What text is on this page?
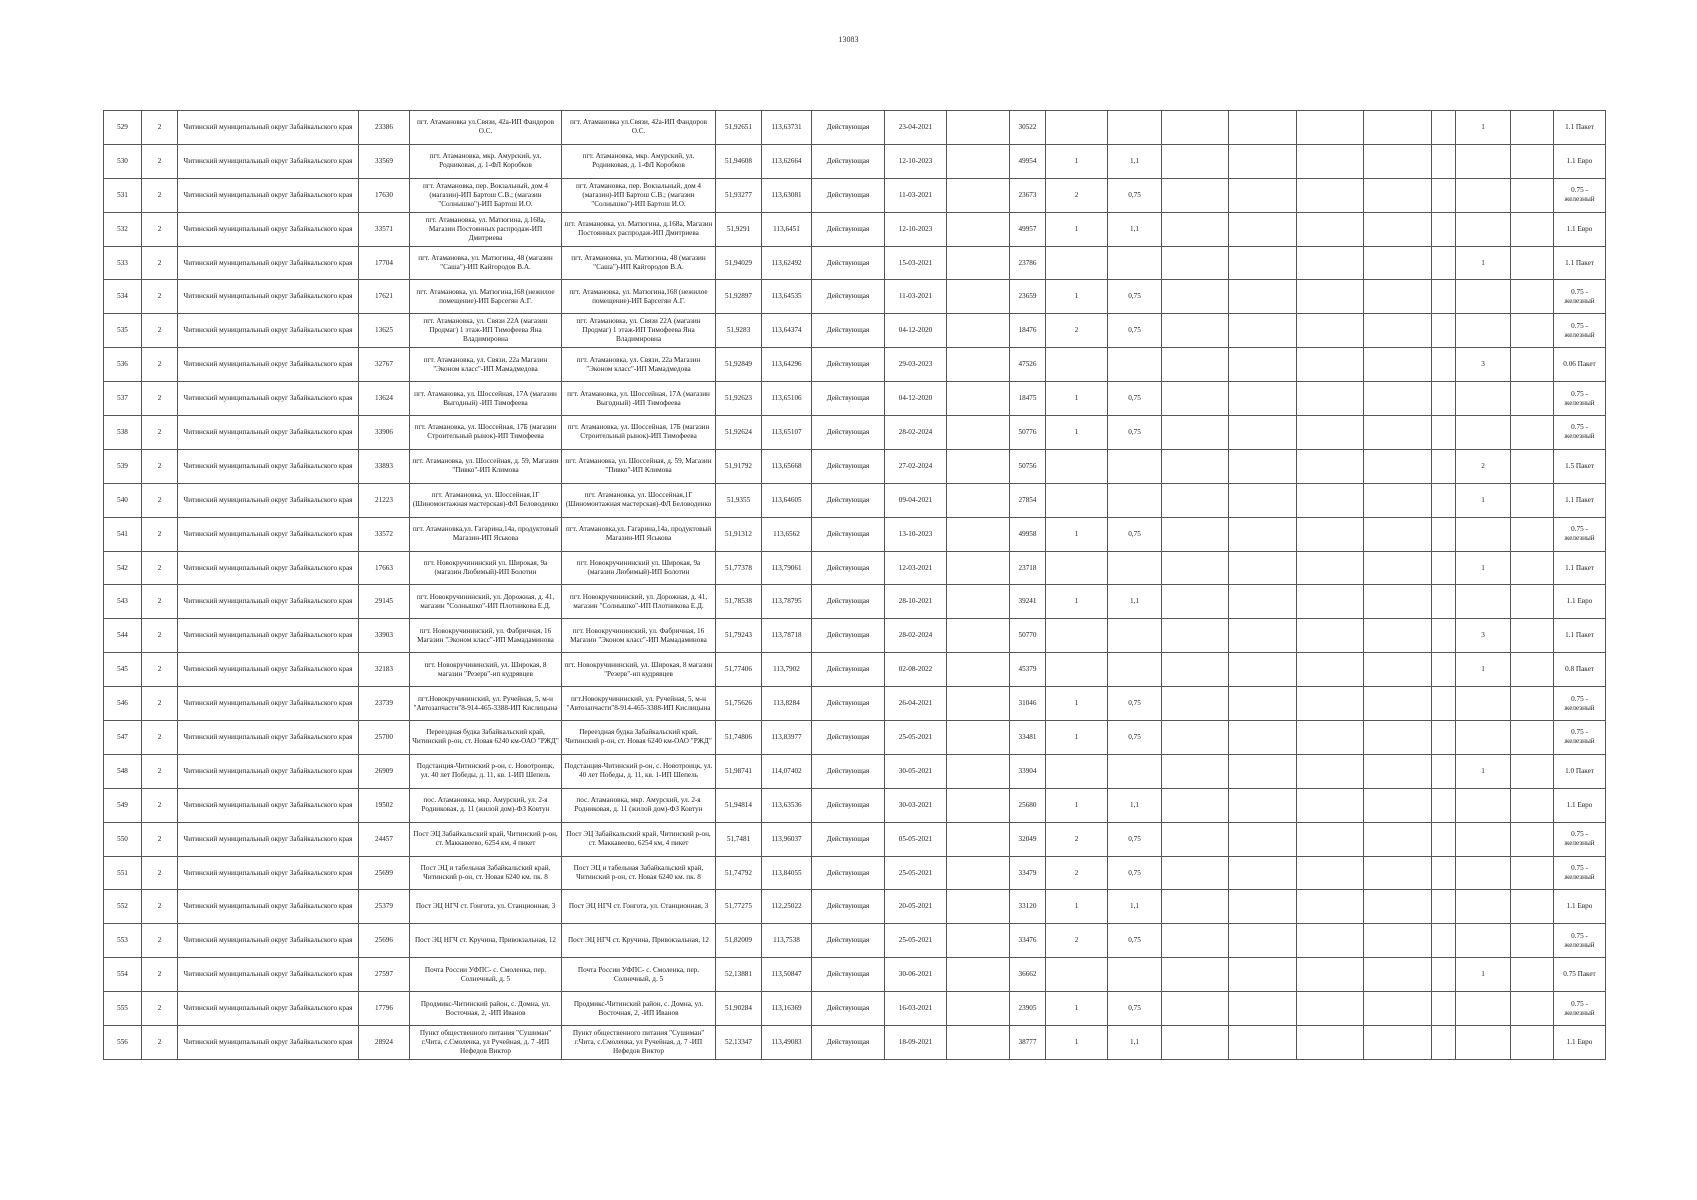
13083
529	2	Читинский муниципальный округ Забайкальского края	23386	пгт. Атамановка ул.Связи, 42а-ИП Фандоров О.С.	пгт. Атамановка ул.Связи, 42а-ИП Фандоров О.С.	51,92651	113,63731	Действующая	23-04-2021		30522								1		1.1 Пакет
530	2	Читинский муниципальный округ Забайкальского края	33569	пгт. Атамановка, мкр. Амурский, ул. Родниковая, д. 1-ФЛ Коробков	пгт. Атамановка, мкр. Амурский, ул. Родниковая, д. 1-ФЛ Коробков	51,94608	113,62664	Действующая	12-10-2023		49954	1	1,1								1.1 Евро
531	2	Читинский муниципальный округ Забайкальского края	17630	пгт. Атамановка, пер. Вокзальный, дом 4 (магазин)-ИП Бартош С.В.; (магазин "Солнышко")-ИП Бартош И.О.	пгт. Атамановка, пер. Вокзальный, дом 4 (магазин)-ИП Бартош С.В.; (магазин "Солнышко")-ИП Бартош И.О.	51,93277	113,63081	Действующая	11-03-2021		23673	2	0,75								0.75 - железный
532	2	Читинский муниципальный округ Забайкальского края	33571	пгт. Атамановка, ул. Матюгина, д.168а, Магазин Постоянных распродаж-ИП Дмитриева	пгт. Атамановка, ул. Матюгина, д.168а, Магазин Постоянных распродаж-ИП Дмитриева	51,9291	113,6451	Действующая	12-10-2023		49957	1	1,1								1.1 Евро
533	2	Читинский муниципальный округ Забайкальского края	17704	пгт. Атамановка, ул. Матюгина, 48 (магазин "Саша")-ИП Кайгородов В.А.	пгт. Атамановка, ул. Матюгина, 48 (магазин "Саша")-ИП Кайгородов В.А.	51,94029	113,62492	Действующая	15-03-2021		23786								1		1.1 Пакет
534	2	Читинский муниципальный округ Забайкальского края	17621	пгт. Атамановка, ул. Матюгина,168 (нежилое помещение)-ИП Барсегян А.Г.	пгт. Атамановка, ул. Матюгина,168 (нежилое помещение)-ИП Барсегян А.Г.	51,92897	113,64535	Действующая	11-03-2021		23659	1	0,75								0.75 - железный
535	2	Читинский муниципальный округ Забайкальского края	13625	пгт. Атамановка, ул. Связи 22А (магазин Продмаг) 1 этаж-ИП Тимофеева Яна Владимировна	пгт. Атамановка, ул. Связи 22А (магазин Продмаг) 1 этаж-ИП Тимофеева Яна Владимировна	51,9283	113,64374	Действующая	04-12-2020		18476	2	0,75								0.75 - железный
536	2	Читинский муниципальный округ Забайкальского края	32767	пгт. Атамановка, ул. Связи, 22а Магазин "Эконом класс"-ИП Мамадмедова	пгт. Атамановка, ул. Связи, 22а Магазин "Эконом класс"-ИП Мамадмедова	51,92849	113,64296	Действующая	29-03-2023		47526								3		0.06 Пакет
537	2	Читинский муниципальный округ Забайкальского края	13624	пгт. Атамановка, ул. Шоссейная, 17А (магазин Выгодный) -ИП Тимофеева	пгт. Атамановка, ул. Шоссейная, 17А (магазин Выгодный) -ИП Тимофеева	51,92623	113,65106	Действующая	04-12-2020		18475	1	0,75								0.75 - железный
538	2	Читинский муниципальный округ Забайкальского края	33906	пгт. Атамановка, ул. Шоссейная, 17Б (магазин Строительный рынок)-ИП Тимофеева	пгт. Атамановка, ул. Шоссейная, 17Б (магазин Строительный рынок)-ИП Тимофеева	51,92624	113,65107	Действующая	28-02-2024		50776	1	0,75								0.75 - железный
539	2	Читинский муниципальный округ Забайкальского края	33893	пгт. Атамановка, ул. Шоссейная, д. 59, Магазин "Пивко"-ИП Климова	пгт. Атамановка, ул. Шоссейная, д. 59, Магазин "Пивко"-ИП Климова	51,91792	113,65668	Действующая	27-02-2024		50756								2		1.5 Пакет
540	2	Читинский муниципальный округ Забайкальского края	21223	пгт. Атамановка, ул. Шоссейная,1Г (Шиномонтажная мастерская)-ФЛ Беловоденко	пгт. Атамановка, ул. Шоссейная,1Г (Шиномонтажная мастерская)-ФЛ Беловоденко	51,9355	113,64605	Действующая	09-04-2021		27854								1		1.1 Пакет
541	2	Читинский муниципальный округ Забайкальского края	33572	пгт. Атамановка,ул. Гагарина,14а, продуктовый Магазин-ИП Яськова	пгт. Атамановка,ул. Гагарина,14а, продуктовый Магазин-ИП Яськова	51,91312	113,6562	Действующая	13-10-2023		49958	1	0,75								0.75 - железный
542	2	Читинский муниципальный округ Забайкальского края	17663	пгт. Новокручининский ул. Широкая, 9а (магазин Любимый)-ИП Болотин	пгт. Новокручининский ул. Широкая, 9а (магазин Любимый)-ИП Болотин	51,77378	113,79061	Действующая	12-03-2021		23718								1		1.1 Пакет
543	2	Читинский муниципальный округ Забайкальского края	29145	пгт. Новокручининский, ул. Дорожная, д. 41, магазин "Солнышко"-ИП Плотникова Е.Д.	пгт. Новокручининский, ул. Дорожная, д. 41, магазин "Солнышко"-ИП Плотникова Е.Д.	51,78538	113,78795	Действующая	28-10-2021		39241	1	1,1								1.1 Евро
544	2	Читинский муниципальный округ Забайкальского края	33903	пгт. Новокручининский, ул. Фабричная, 16 Магазин "Эконом класс"-ИП Мамадаминова	пгт. Новокручининский, ул. Фабричная, 16 Магазин "Эконом класс"-ИП Мамадаминова	51,79243	113,78718	Действующая	28-02-2024		50770								3		1.1 Пакет
545	2	Читинский муниципальный округ Забайкальского края	32183	пгт. Новокручининский, ул. Широкая, 8 магазин "Резерв"-ип кудрявцев	пгт. Новокручининский, ул. Широкая, 8 магазин "Резерв"-ип кудрявцев	51,77406	113,7902	Действующая	02-08-2022		45379								1		0.8 Пакет
546	2	Читинский муниципальный округ Забайкальского края	23739	пгт.Новокручининский, ул. Ручейная, 5, м-н "Автозапчасти"8-914-465-3388-ИП Кислицына	пгт.Новокручининский, ул. Ручейная, 5, м-н "Автозапчасти"8-914-465-3388-ИП Кислицына	51,75626	113,8284	Действующая	26-04-2021		31046	1	0,75								0.75 - железный
547	2	Читинский муниципальный округ Забайкальского края	25700	Переездная будка Забайкальский край, Читинский р-он, ст. Новая 6240 км-ОАО "РЖД"	Переездная будка Забайкальский край, Читинский р-он, ст. Новая 6240 км-ОАО "РЖД"	51,74806	113,83977	Действующая	25-05-2021		33481	1	0,75								0.75 - железный
548	2	Читинский муниципальный округ Забайкальского края	26909	Подстанция-Читинский р-он, с. Новотроицк, ул. 40 лет Победы, д. 11, кв. 1-ИП Шепель	Подстанция-Читинский р-он, с. Новотроицк, ул. 40 лет Победы, д. 11, кв. 1-ИП Шепель	51,98741	114,07402	Действующая	30-05-2021		33904								1		1.0 Пакет
549	2	Читинский муниципальный округ Забайкальского края	19502	пос. Атамановка, мкр. Амурский, ул. 2-я Родниковая, д. 11 (жилой дом)-ФЗ Ковтун	пос. Атамановка, мкр. Амурский, ул. 2-я Родниковая, д. 11 (жилой дом)-ФЗ Ковтун	51,94814	113,63536	Действующая	30-03-2021		25680	1	1,1								1.1 Евро
550	2	Читинский муниципальный округ Забайкальского края	24457	Пост ЭЦ Забайкальский край, Читинский р-он, ст. Маккавеево, 6254 км, 4 пикет	Пост ЭЦ Забайкальский край, Читинский р-он, ст. Маккавеево, 6254 км, 4 пикет	51,7481	113,96037	Действующая	05-05-2021		32049	2	0,75								0.75 - железный
551	2	Читинский муниципальный округ Забайкальского края	25699	Пост ЭЦ и табельная Забайкальский край, Читинский р-он, ст. Новая 6240 км. пк. 8	Пост ЭЦ и табельная Забайкальский край, Читинский р-он, ст. Новая 6240 км. пк. 8	51,74792	113,84055	Действующая	25-05-2021		33479	2	0,75								0.75 - железный
552	2	Читинский муниципальный округ Забайкальского края	25379	Пост ЭЦ НГЧ ст. Гонгота, ул. Станционная, 3	Пост ЭЦ НГЧ ст. Гонгота, ул. Станционная, 3	51,77275	112,25022	Действующая	20-05-2021		33120	1	1,1								1.1 Евро
553	2	Читинский муниципальный округ Забайкальского края	25696	Пост ЭЦ НГЧ ст. Кручина, Привокзальная, 12	Пост ЭЦ НГЧ ст. Кручина, Привокзальная, 12	51,82009	113,7538	Действующая	25-05-2021		33476	2	0,75								0.75 - железный
554	2	Читинский муниципальный округ Забайкальского края	27597	Почта России УФПС- с. Смоленка, пер. Солнечный, д. 5	Почта России УФПС- с. Смоленка, пер. Солнечный, д. 5	52,13881	113,50847	Действующая	30-06-2021		36662								1		0.75 Пакет
555	2	Читинский муниципальный округ Забайкальского края	17796	Продмикс-Читинский район, с. Домна, ул. Восточная, 2, -ИП Иванов	Продмикс-Читинский район, с. Домна, ул. Восточная, 2, -ИП Иванов	51,90284	113,16369	Действующая	16-03-2021		23905	1	0,75								0.75 - железный
556	2	Читинский муниципальный округ Забайкальского края	28924	Пункт общественного питания "Сушиман" г.Чита, с.Смоленка, ул Ручейная, д. 7 -ИП Нефедов Виктор	Пункт общественного питания "Сушиман" г.Чита, с.Смоленка, ул Ручейная, д. 7 -ИП Нефедов Виктор	52,13347	113,49083	Действующая	18-09-2021		38777	1	1,1								1.1 Евро
